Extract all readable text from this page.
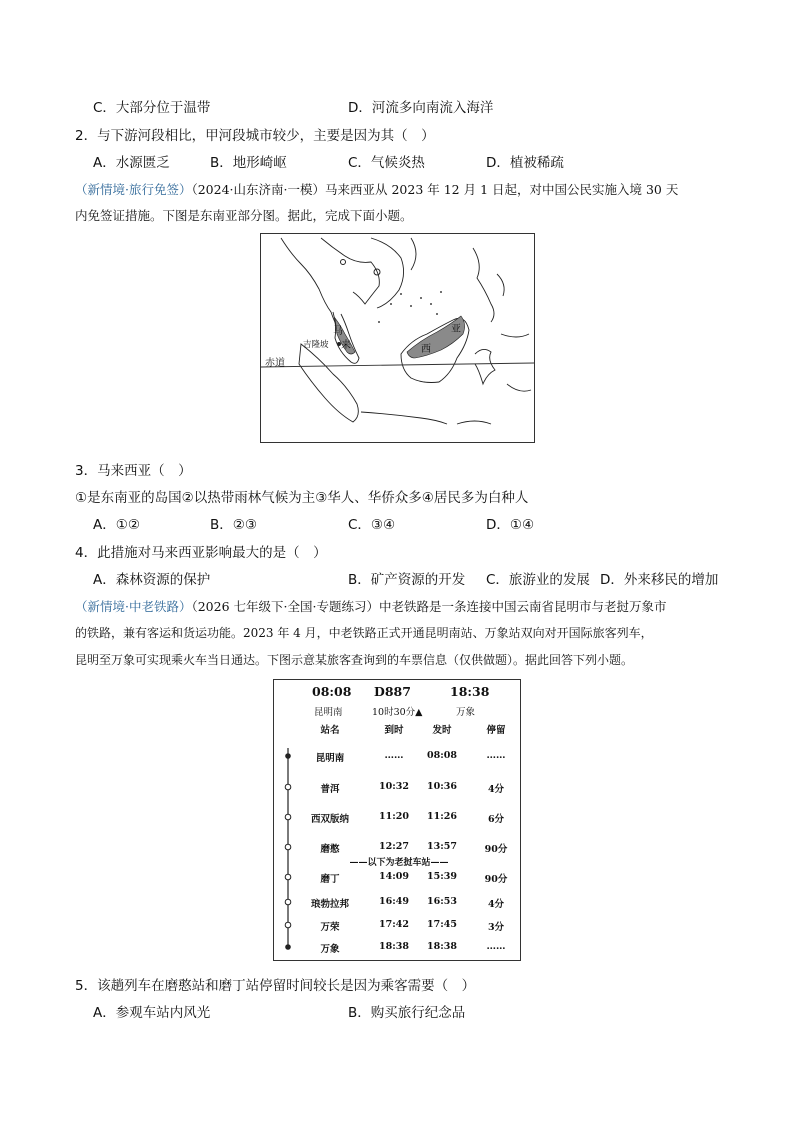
C．大部分位于温带	D．河流多向南流入海洋
2．与下游河段相比，甲河段城市较少，主要是因为其（　）
A．水源匮乏	B．地形崎岖	C．气候炎热	D．植被稀疏
（新情境·旅行免签）（2024·山东济南·一模）马来西亚从 2023 年 12 月 1 日起，对中国公民实施入境 30 天
内免签证措施。下图是东南亚部分图。据此，完成下面小题。
马
来	西
亚
吉隆坡
赤道
3．马来西亚（　）
①是东南亚的岛国②以热带雨林气候为主③华人、华侨众多④居民多为白种人
A．①②	B．②③	C．③④	D．①④
4．此措施对马来西亚影响最大的是（　）
A．森林资源的保护	B．矿产资源的开发 C．旅游业的发展 D．外来移民的增加
（新情境·中老铁路）（2026 七年级下·全国·专题练习）中老铁路是一条连接中国云南省昆明市与老挝万象市
的铁路，兼有客运和货运功能。2023 年 4 月，中老铁路正式开通昆明南站、万象站双向对开国际旅客列车，
昆明至万象可实现乘火车当日通达。下图示意某旅客查询到的车票信息（仅供做题）。据此回答下列小题。
08:08 D887	18:38
昆明南	10时30分▲	万象
站名	到时	发时	停留
昆明南	……	08:08	……
普洱	10:32	10:36	4分
西双版纳	11:20	11:26	6分
磨憨	12:27	13:57	90分
——以下为老挝车站——
磨丁	14:09	15:39	90分
琅勃拉邦	16:49	16:53	4分
万荣	17:42	17:45	3分
万象	18:38	18:38	……
5．该趟列车在磨憨站和磨丁站停留时间较长是因为乘客需要（　）
A．参观车站内风光	B．购买旅行纪念品
